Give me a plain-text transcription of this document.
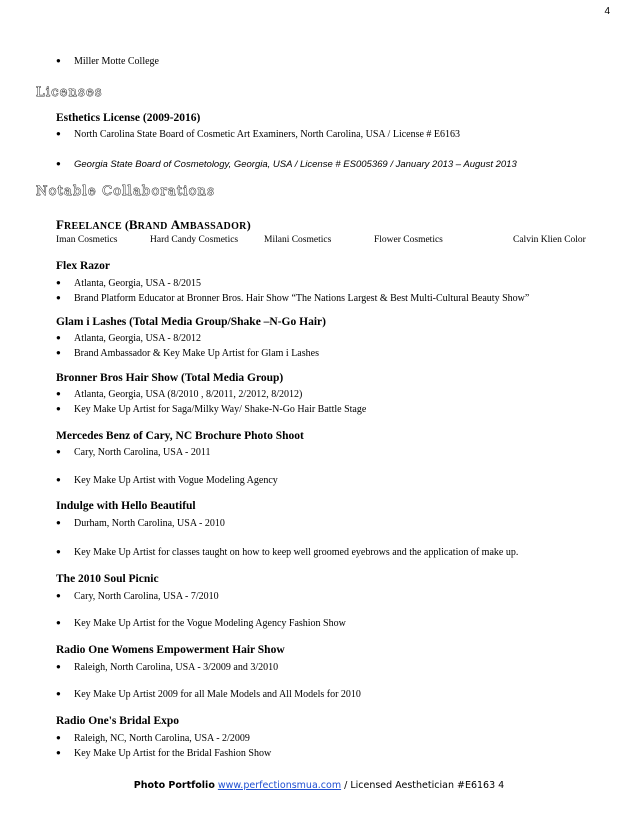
4
● Miller Motte College
Licenses
Esthetics License (2009-2016)
● North Carolina State Board of Cosmetic Art Examiners, North Carolina, USA / License # E6163
● Georgia State Board of Cosmetology, Georgia, USA / License # ES005369 / January 2013 – August 2013
Notable Collaborations
FREELANCE (BRAND AMBASSADOR)
Iman Cosmetics	Hard Candy Cosmetics	Milani Cosmetics	Flower Cosmetics	Calvin Klien Color
Flex Razor
● Atlanta, Georgia, USA - 8/2015
● Brand Platform Educator at Bronner Bros. Hair Show “The Nations Largest & Best Multi-Cultural Beauty Show”
Glam i Lashes (Total Media Group/Shake –N-Go Hair)
● Atlanta, Georgia, USA - 8/2012
● Brand Ambassador & Key Make Up Artist for Glam i Lashes
Bronner Bros Hair Show (Total Media Group)
● Atlanta, Georgia, USA (8/2010 , 8/2011, 2/2012, 8/2012)
● Key Make Up Artist for Saga/Milky Way/ Shake-N-Go Hair Battle Stage
Mercedes Benz of Cary, NC Brochure Photo Shoot
● Cary, North Carolina, USA - 2011
● Key Make Up Artist with Vogue Modeling Agency
Indulge with Hello Beautiful
● Durham, North Carolina, USA - 2010
● Key Make Up Artist for classes taught on how to keep well groomed eyebrows and the application of make up.
The 2010 Soul Picnic
● Cary, North Carolina, USA - 7/2010
● Key Make Up Artist for the Vogue Modeling Agency Fashion Show
Radio One Womens Empowerment Hair Show
● Raleigh, North Carolina, USA - 3/2009 and 3/2010
● Key Make Up Artist 2009 for all Male Models and All Models for 2010
Radio One's Bridal Expo
● Raleigh, NC, North Carolina, USA - 2/2009
● Key Make Up Artist for the Bridal Fashion Show
Photo Portfolio www.perfectionsmua.com / Licensed Aesthetician #E6163 4
